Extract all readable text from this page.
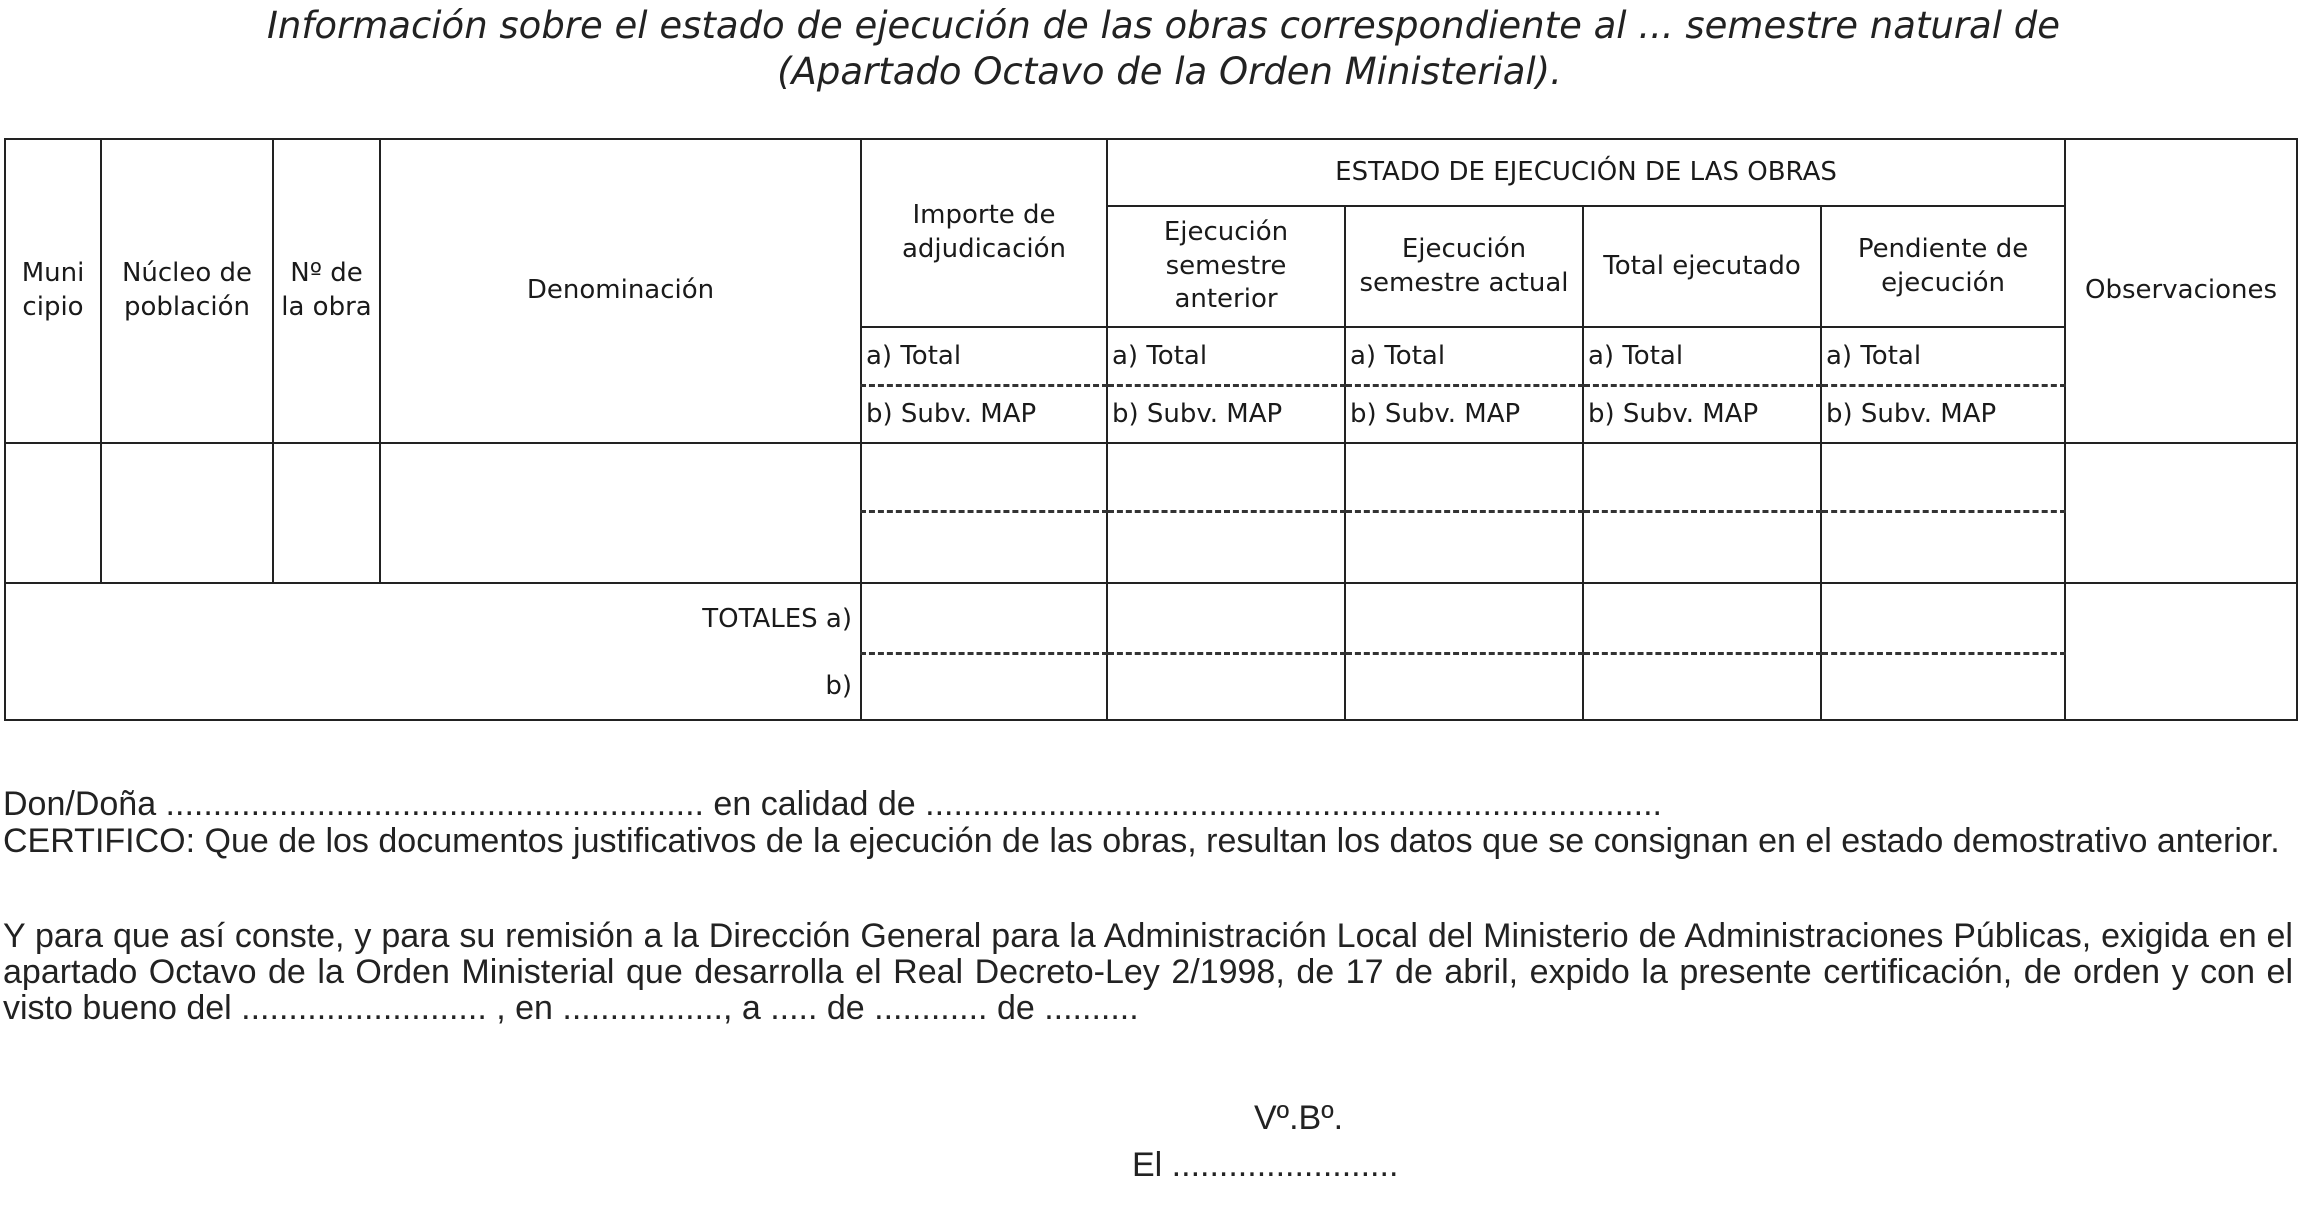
Información sobre el estado de ejecución de las obras correspondiente al ... semestre natural de
(Apartado Octavo de la Orden Ministerial).
Muni cipio	Núcleo de población	Nº de la obra	Denominación	Importe de adjudicación	ESTADO DE EJECUCIÓN DE LAS OBRAS				Observaciones
					Ejecución semestre anterior	Ejecución semestre actual	Total ejecutado	Pendiente de ejecución	
				a) Total	a) Total	a) Total	a) Total	a) Total	
				b) Subv. MAP	b) Subv. MAP	b) Subv. MAP	b) Subv. MAP	b) Subv. MAP	

TOTALES a)									
b)									

Don/Doña ......................................................... en calidad de ..............................................................................

CERTIFICO: Que de los documentos justificativos de la ejecución de las obras, resultan los datos que se consignan en el estado demostrativo anterior.

Y para que así conste, y para su remisión a la Dirección General para la Administración Local del Ministerio de Administraciones Públicas, exigida en el apartado Octavo de la Orden Ministerial que desarrolla el Real Decreto-Ley 2/1998, de 17 de abril, expido la presente certificación, de orden y con el visto bueno del .......................... , en ................., a ..... de ............ de ..........

Vº.Bº.
El ........................
